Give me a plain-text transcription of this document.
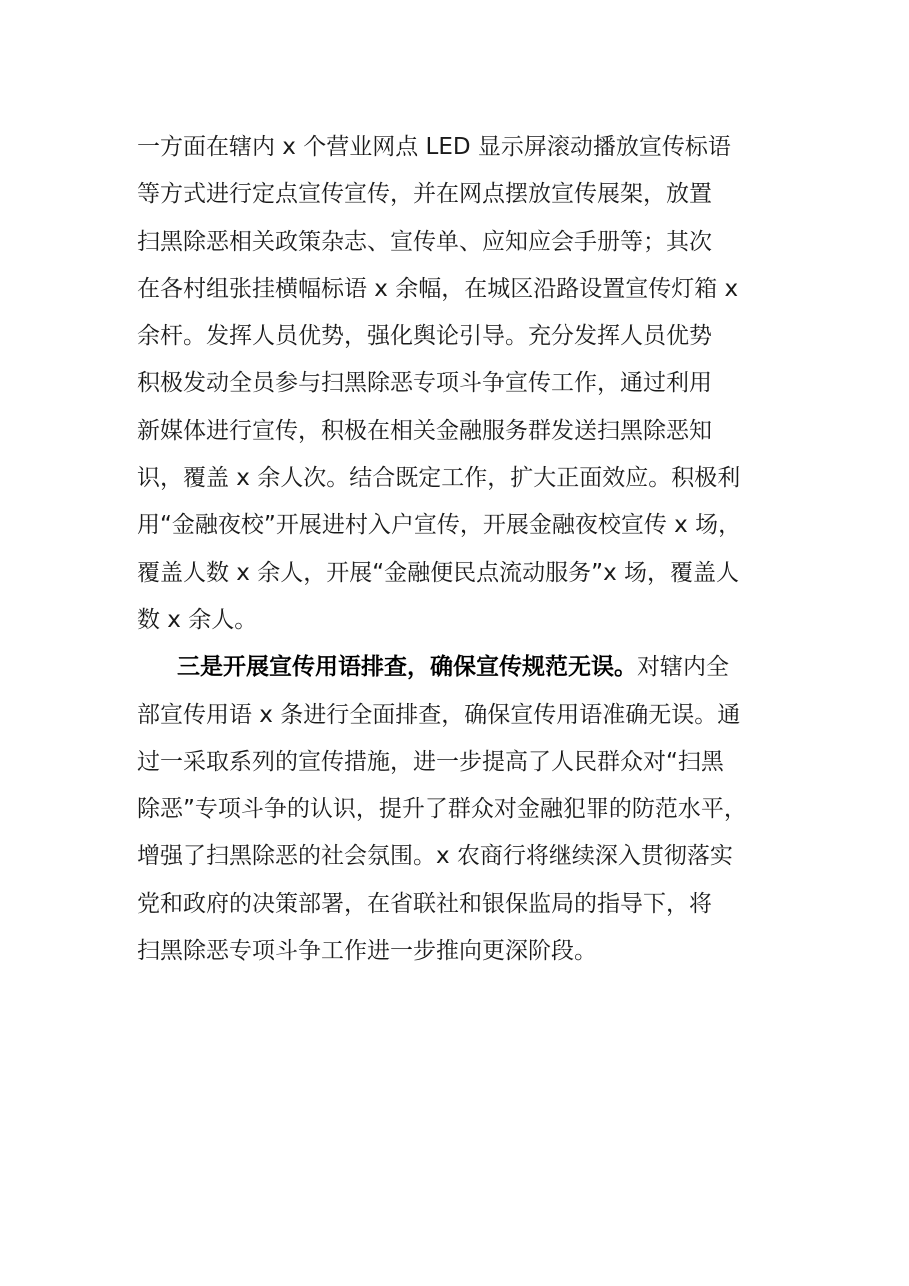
一方面在辖内 x 个营业网点 LED 显示屏滚动播放宣传标语
等方式进行定点宣传宣传，并在网点摆放宣传展架，放置
扫黑除恶相关政策杂志、宣传单、应知应会手册等；其次
在各村组张挂横幅标语 x 余幅，在城区沿路设置宣传灯箱 x
余杆。发挥人员优势，强化舆论引导。充分发挥人员优势
积极发动全员参与扫黑除恶专项斗争宣传工作，通过利用
新媒体进行宣传，积极在相关金融服务群发送扫黑除恶知
识，覆盖 x 余人次。结合既定工作，扩大正面效应。积极利
用“金融夜校”开展进村入户宣传，开展金融夜校宣传 x 场，
覆盖人数 x 余人，开展“金融便民点流动服务”x 场，覆盖人
数 x 余人。
三是开展宣传用语排查，确保宣传规范无误。对辖内全
部宣传用语 x 条进行全面排查，确保宣传用语准确无误。通
过一采取系列的宣传措施，进一步提高了人民群众对“扫黑
除恶”专项斗争的认识，提升了群众对金融犯罪的防范水平，
增强了扫黑除恶的社会氛围。x 农商行将继续深入贯彻落实
党和政府的决策部署，在省联社和银保监局的指导下，将
扫黑除恶专项斗争工作进一步推向更深阶段。
